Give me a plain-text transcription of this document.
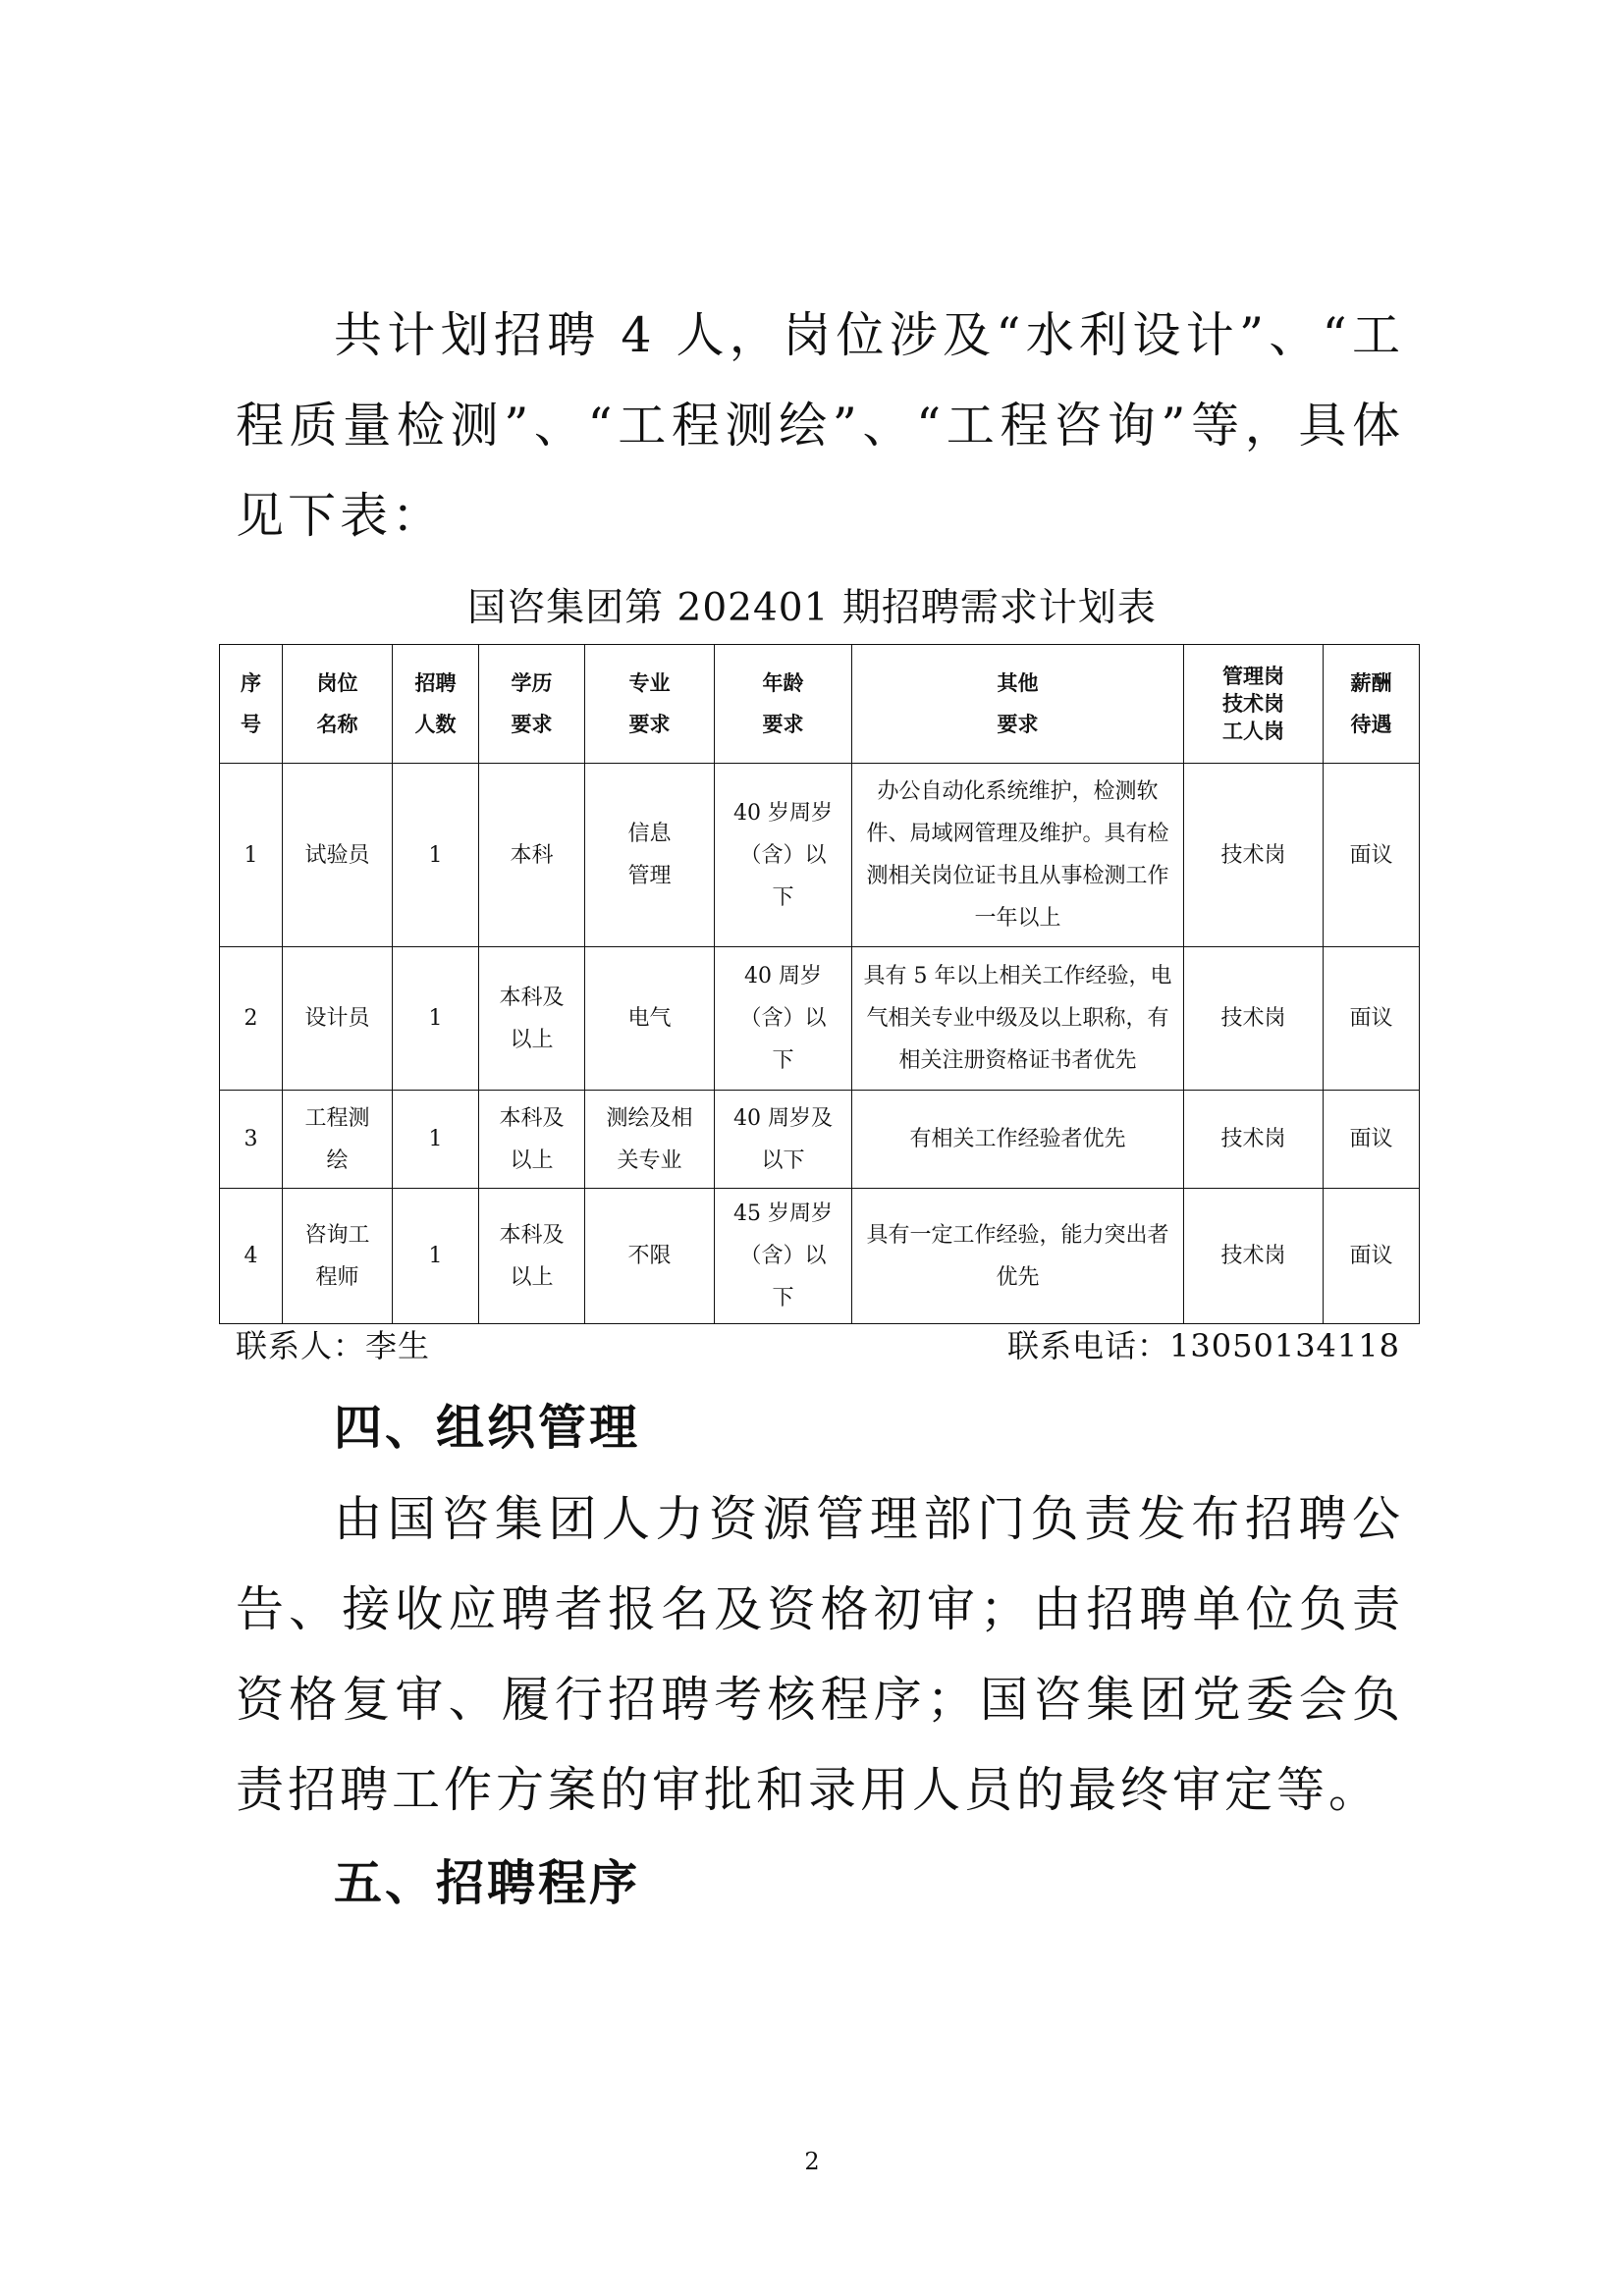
共计划招聘 4 人，岗位涉及“水利设计”、“工程质量检测”、“工程测绘”、“工程咨询”等，具体见下表：

国咨集团第 202401 期招聘需求计划表

序号	岗位名称	招聘人数	学历要求	专业要求	年龄要求	其他要求	管理岗技术岗工人岗	薪酬待遇
1	试验员	1	本科	信息管理	40 岁周岁（含）以下	办公自动化系统维护，检测软件、局域网管理及维护。具有检测相关岗位证书且从事检测工作一年以上	技术岗	面议
2	设计员	1	本科及以上	电气	40 周岁（含）以下	具有 5 年以上相关工作经验，电气相关专业中级及以上职称，有相关注册资格证书者优先	技术岗	面议
3	工程测绘	1	本科及以上	测绘及相关专业	40 周岁及以下	有相关工作经验者优先	技术岗	面议
4	咨询工程师	1	本科及以上	不限	45 岁周岁（含）以下	具有一定工作经验，能力突出者优先	技术岗	面议

联系人：李生	联系电话：13050134118

四、组织管理

由国咨集团人力资源管理部门负责发布招聘公告、接收应聘者报名及资格初审；由招聘单位负责资格复审、履行招聘考核程序；国咨集团党委会负责招聘工作方案的审批和录用人员的最终审定等。

五、招聘程序

2
